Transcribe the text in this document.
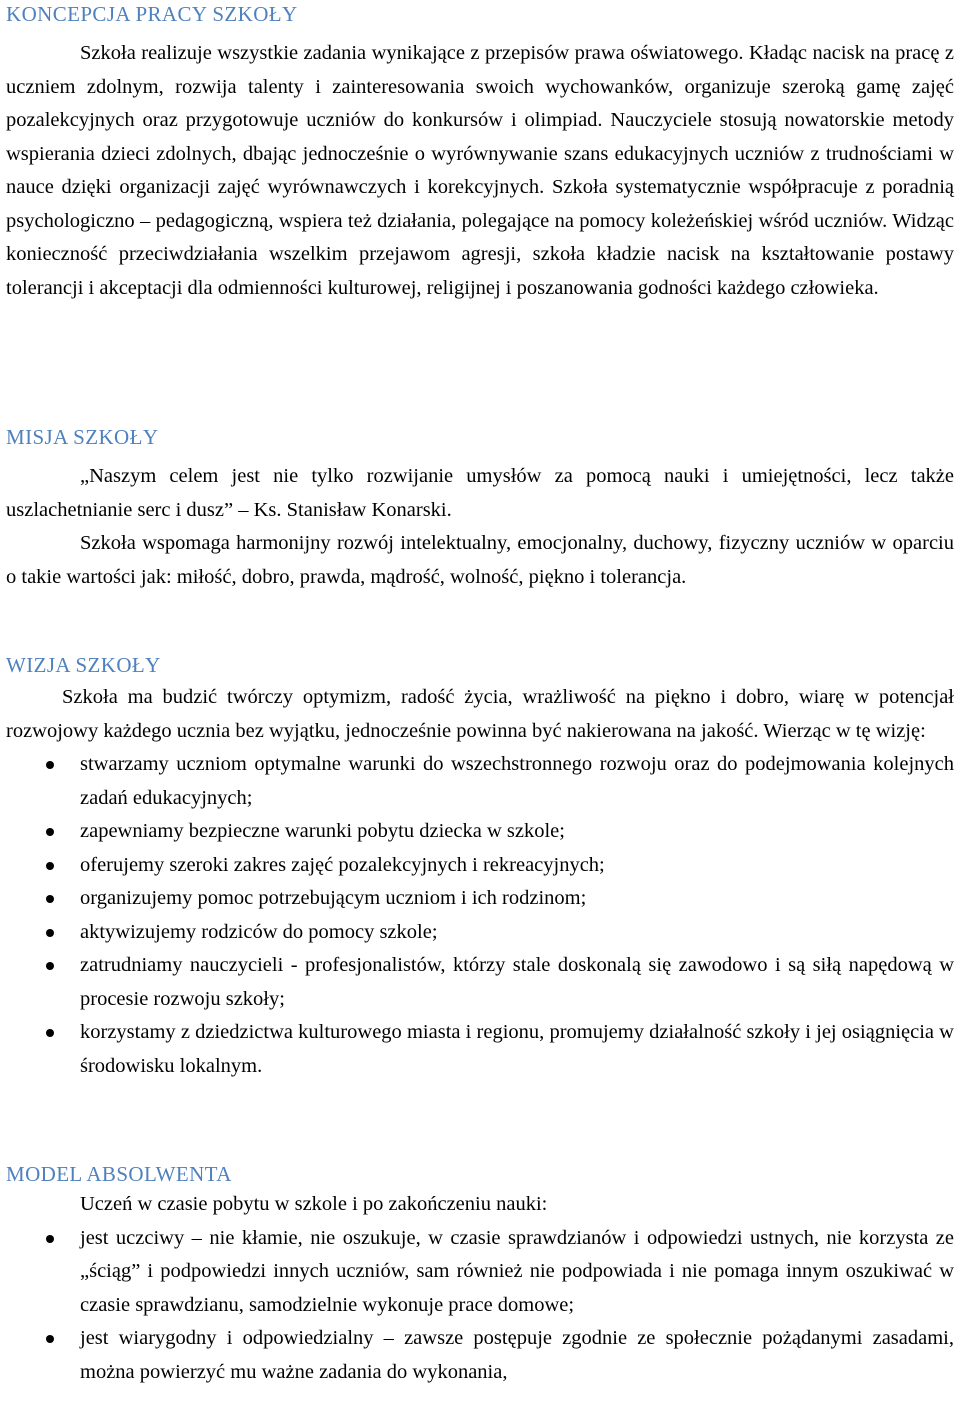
KONCEPCJA PRACY SZKOŁY

Szkoła realizuje wszystkie zadania wynikające z przepisów prawa oświatowego. Kładąc nacisk na pracę z uczniem zdolnym, rozwija talenty i zainteresowania swoich wychowanków, organizuje szeroką gamę zajęć pozalekcyjnych oraz przygotowuje uczniów do konkursów i olimpiad. Nauczyciele stosują nowatorskie metody wspierania dzieci zdolnych, dbając jednocześnie o wyrównywanie szans edukacyjnych uczniów z trudnościami w nauce dzięki organizacji zajęć wyrównawczych i korekcyjnych. Szkoła systematycznie współpracuje z poradnią psychologiczno – pedagogiczną, wspiera też działania, polegające na pomocy koleżeńskiej wśród uczniów. Widząc konieczność przeciwdziałania wszelkim przejawom agresji, szkoła kładzie nacisk na kształtowanie postawy tolerancji i akceptacji dla odmienności kulturowej, religijnej i poszanowania godności każdego człowieka.

MISJA SZKOŁY

„Naszym celem jest nie tylko rozwijanie umysłów za pomocą nauki i umiejętności, lecz także uszlachetnianie serc i dusz” – Ks. Stanisław Konarski.

Szkoła wspomaga harmonijny rozwój intelektualny, emocjonalny, duchowy, fizyczny uczniów w oparciu o takie wartości jak: miłość, dobro, prawda, mądrość, wolność, piękno i tolerancja.

WIZJA SZKOŁY

Szkoła ma budzić twórczy optymizm, radość życia, wrażliwość na piękno i dobro, wiarę w potencjał rozwojowy każdego ucznia bez wyjątku, jednocześnie powinna być nakierowana na jakość. Wierząc w tę wizję:

stwarzamy uczniom optymalne warunki do wszechstronnego rozwoju oraz do podejmowania kolejnych zadań edukacyjnych;
zapewniamy bezpieczne warunki pobytu dziecka w szkole;
oferujemy szeroki zakres zajęć pozalekcyjnych i rekreacyjnych;
organizujemy pomoc potrzebującym uczniom i ich rodzinom;
aktywizujemy rodziców do pomocy szkole;
zatrudniamy nauczycieli - profesjonalistów, którzy stale doskonalą się zawodowo i są siłą napędową w procesie rozwoju szkoły;
korzystamy z dziedzictwa kulturowego miasta i regionu, promujemy działalność szkoły i jej osiągnięcia w środowisku lokalnym.
MODEL ABSOLWENTA

Uczeń w czasie pobytu w szkole i po zakończeniu nauki:

jest uczciwy – nie kłamie, nie oszukuje, w czasie sprawdzianów i odpowiedzi ustnych, nie korzysta ze „ściąg” i podpowiedzi innych uczniów, sam również nie podpowiada i nie pomaga innym oszukiwać w czasie sprawdzianu, samodzielnie wykonuje prace domowe;
jest wiarygodny i odpowiedzialny – zawsze postępuje zgodnie ze społecznie pożądanymi zasadami, można powierzyć mu ważne zadania do wykonania,
